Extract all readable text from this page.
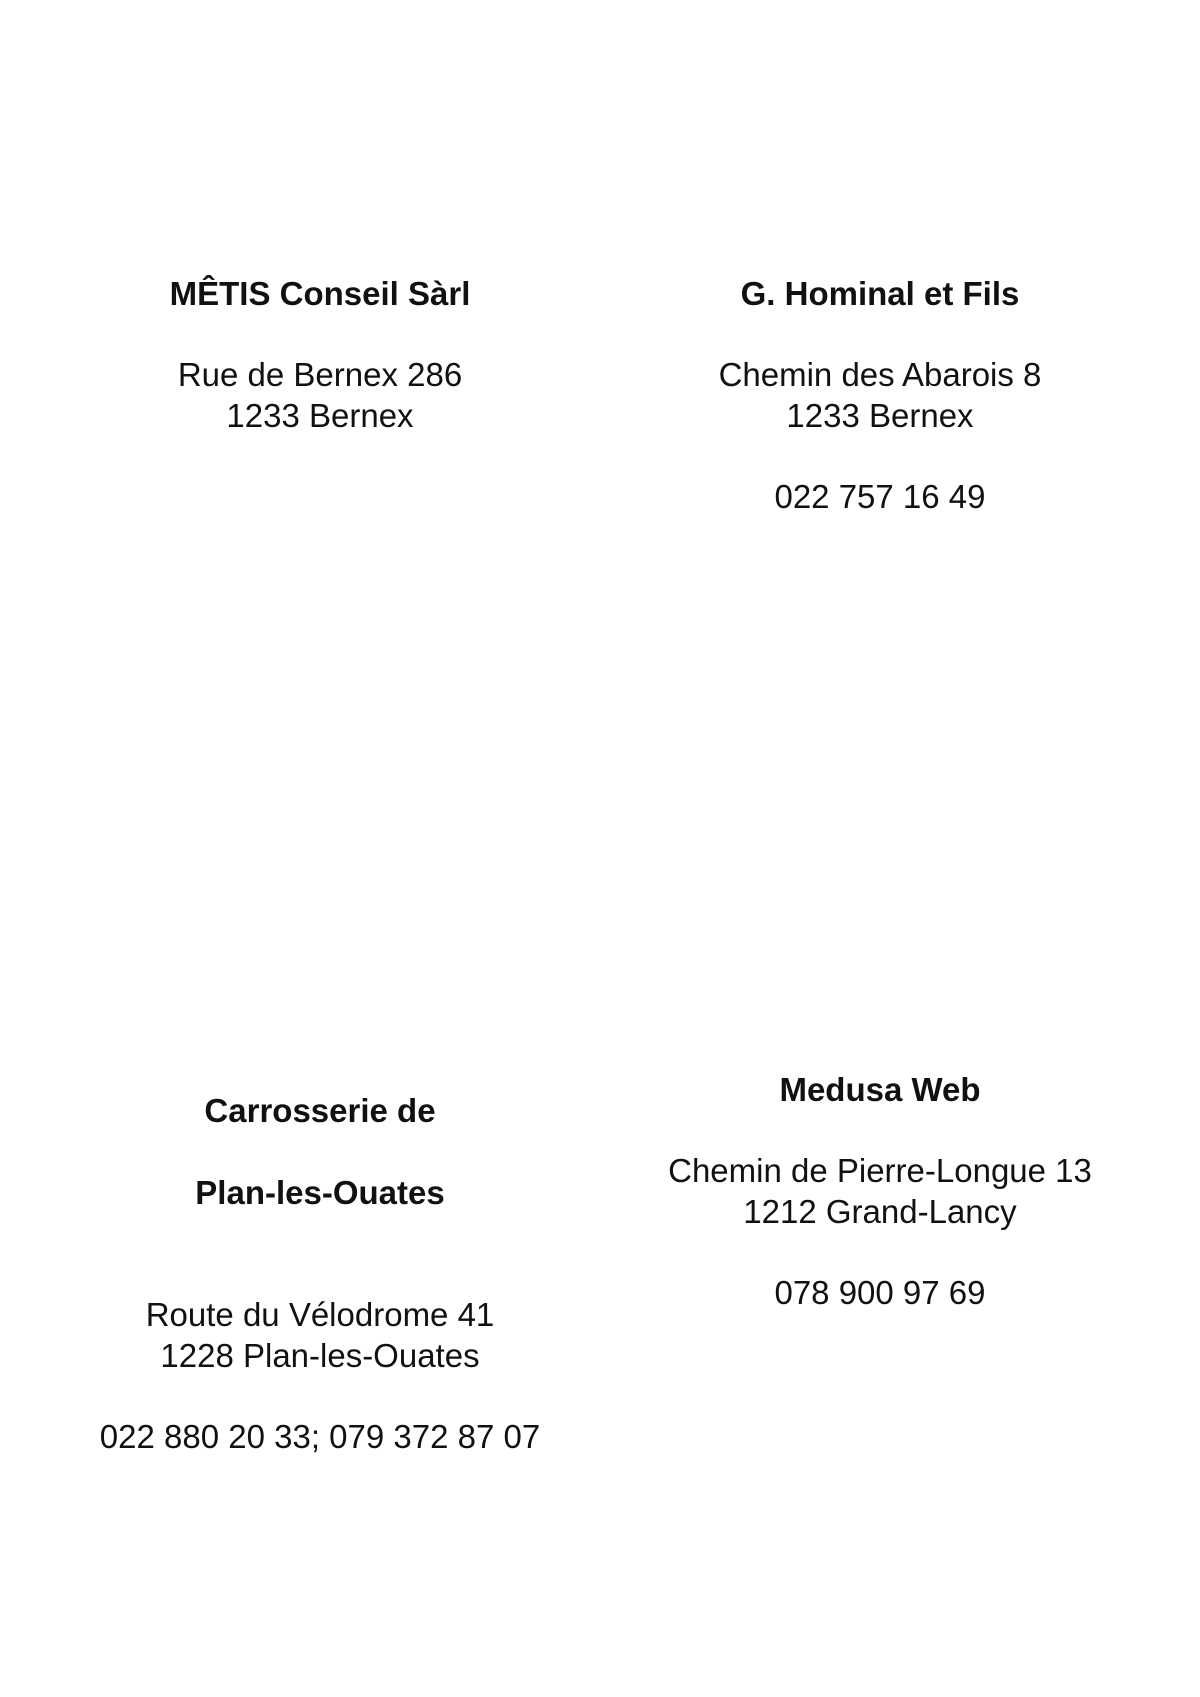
MÊTIS Conseil Sàrl

Rue de Bernex 286
1233 Bernex

G. Hominal et Fils

Chemin des Abarois 8
1233 Bernex

022 757 16 49

Carrosserie de

Plan-les-Ouates

Route du Vélodrome 41
1228 Plan-les-Ouates

022 880 20 33; 079 372 87 07

Medusa Web

Chemin de Pierre-Longue 13
1212 Grand-Lancy

078 900 97 69
